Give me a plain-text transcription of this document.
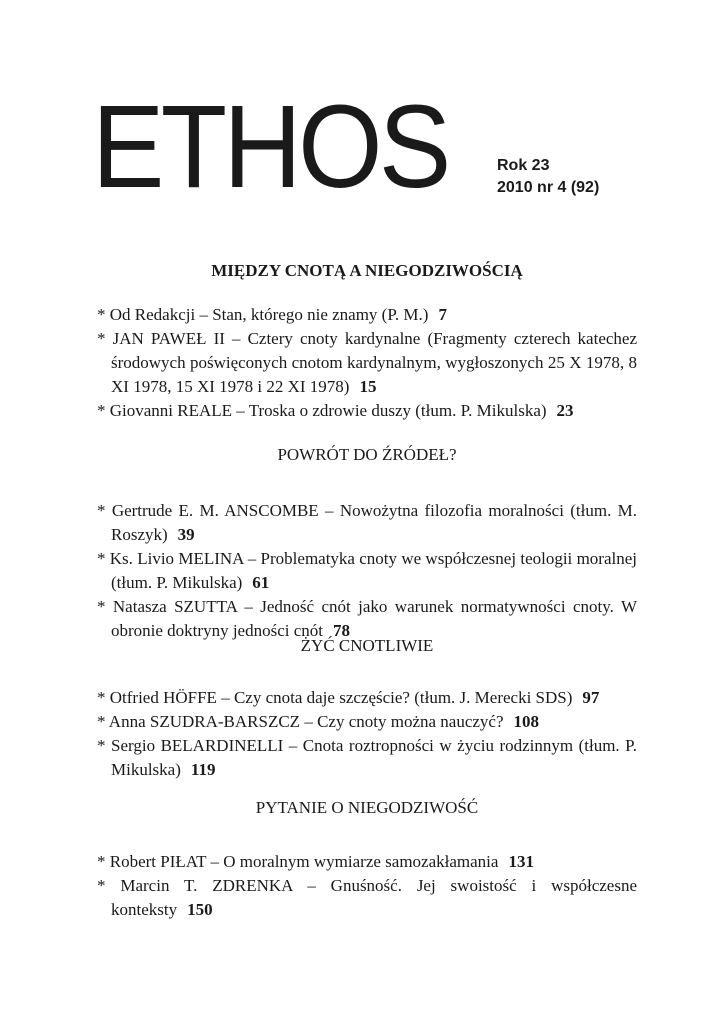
ETHOS	Rok 23
2010 nr 4 (92)

MIĘDZY CNOTĄ A NIEGODZIWOŚCIĄ

* Od Redakcji – Stan, którego nie znamy (P. M.) 7
* JAN PAWEŁ II – Cztery cnoty kardynalne (Fragmenty czterech katechez środowych poświęconych cnotom kardynalnym, wygłoszonych 25 X 1978, 8 XI 1978, 15 XI 1978 i 22 XI 1978) 15
* Giovanni REALE – Troska o zdrowie duszy (tłum. P. Mikulska) 23

POWRÓT DO ŹRÓDEŁ?

* Gertrude E. M. ANSCOMBE – Nowożytna filozofia moralności (tłum. M. Roszyk) 39
* Ks. Livio MELINA – Problematyka cnoty we współczesnej teologii moralnej (tłum. P. Mikulska) 61
* Natasza SZUTTA – Jedność cnót jako warunek normatywności cnoty. W obronie doktryny jedności cnót 78

ŻYĆ CNOTLIWIE

* Otfried HÖFFE – Czy cnota daje szczęście? (tłum. J. Merecki SDS) 97
* Anna SZUDRA-BARSZCZ – Czy cnoty można nauczyć? 108
* Sergio BELARDINELLI – Cnota roztropności w życiu rodzinnym (tłum. P. Mikulska) 119

PYTANIE O NIEGODZIWOŚĆ

* Robert PIŁAT – O moralnym wymiarze samozakłamania 131
* Marcin T. ZDRENKA – Gnuśność. Jej swoistość i współczesne konteksty 150
